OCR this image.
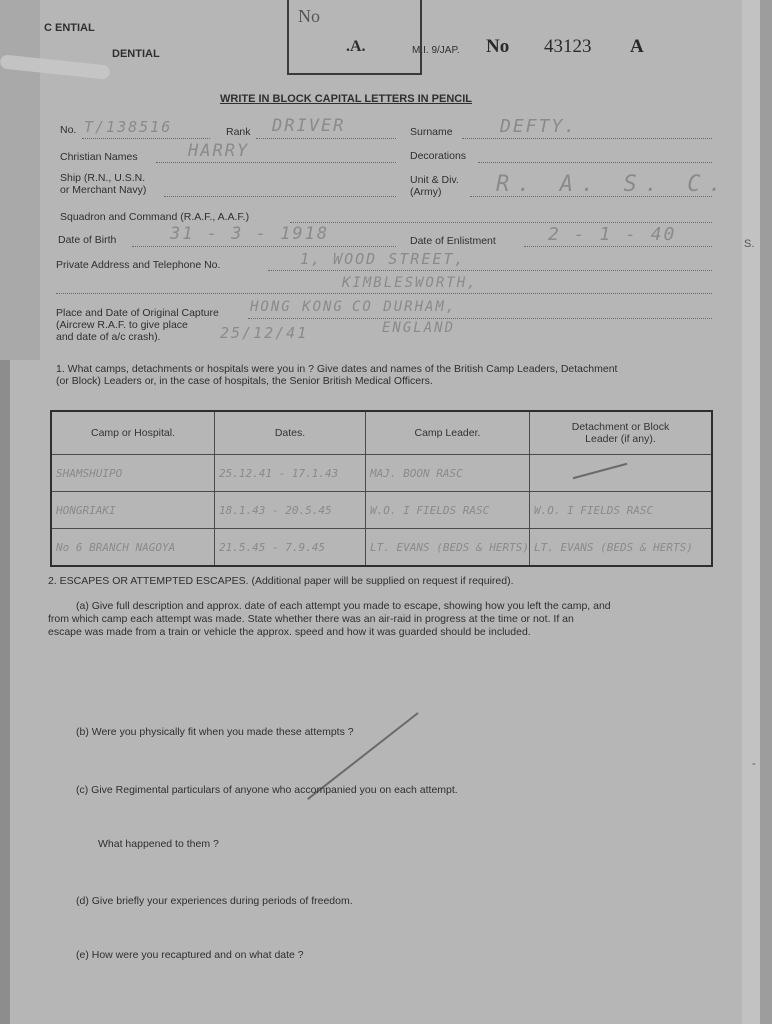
S.
-
C ENTIAL
DENTIAL
No
.A.	M.I. 9/JAP. No 43123 A
WRITE IN BLOCK CAPITAL LETTERS IN PENCIL
No. T/138516	Rank DRIVER	Surname	DEFTY.
Christian Names	HARRY	Decorations
Ship (R.N., U.S.N.
or Merchant Navy)
Unit & Div.
(Army) R. A. S. C.
Squadron and Command (R.A.F., A.A.F.)
Date of Birth	31 - 3 - 1918	Date of Enlistment	2 - 1 - 40
Private Address and Telephone No.	1, WOOD STREET,
KIMBLESWORTH,
Place and Date of Original Capture
(Aircrew R.A.F. to give place
and date of a/c crash).
HONG KONG CO DURHAM,
25/12/41	ENGLAND
1. What camps, detachments or hospitals were you in ? Give dates and names of the British Camp Leaders, Detachment
(or Block) Leaders or, in the case of hospitals, the Senior British Medical Officers.
Camp or Hospital.	Dates.	Camp Leader.	Detachment or Block Leader (if any).
SHAMSHUIPO	25.12.41 - 17.1.43	MAJ. BOON RASC	
HONGRIAKI	18.1.43 - 20.5.45	W.O. I FIELDS RASC	W.O. I FIELDS RASC
No 6 BRANCH NAGOYA	21.5.45 - 7.9.45	LT. EVANS (BEDS & HERTS)	LT. EVANS (BEDS & HERTS)
2. ESCAPES OR ATTEMPTED ESCAPES. (Additional paper will be supplied on request if required).
(a) Give full description and approx. date of each attempt you made to escape, showing how you left the camp, and
from which camp each attempt was made. State whether there was an air-raid in progress at the time or not. If an
escape was made from a train or vehicle the approx. speed and how it was guarded should be included.
(b) Were you physically fit when you made these attempts ?
(c) Give Regimental particulars of anyone who accompanied you on each attempt.
What happened to them ?
(d) Give briefly your experiences during periods of freedom.
(e) How were you recaptured and on what date ?
